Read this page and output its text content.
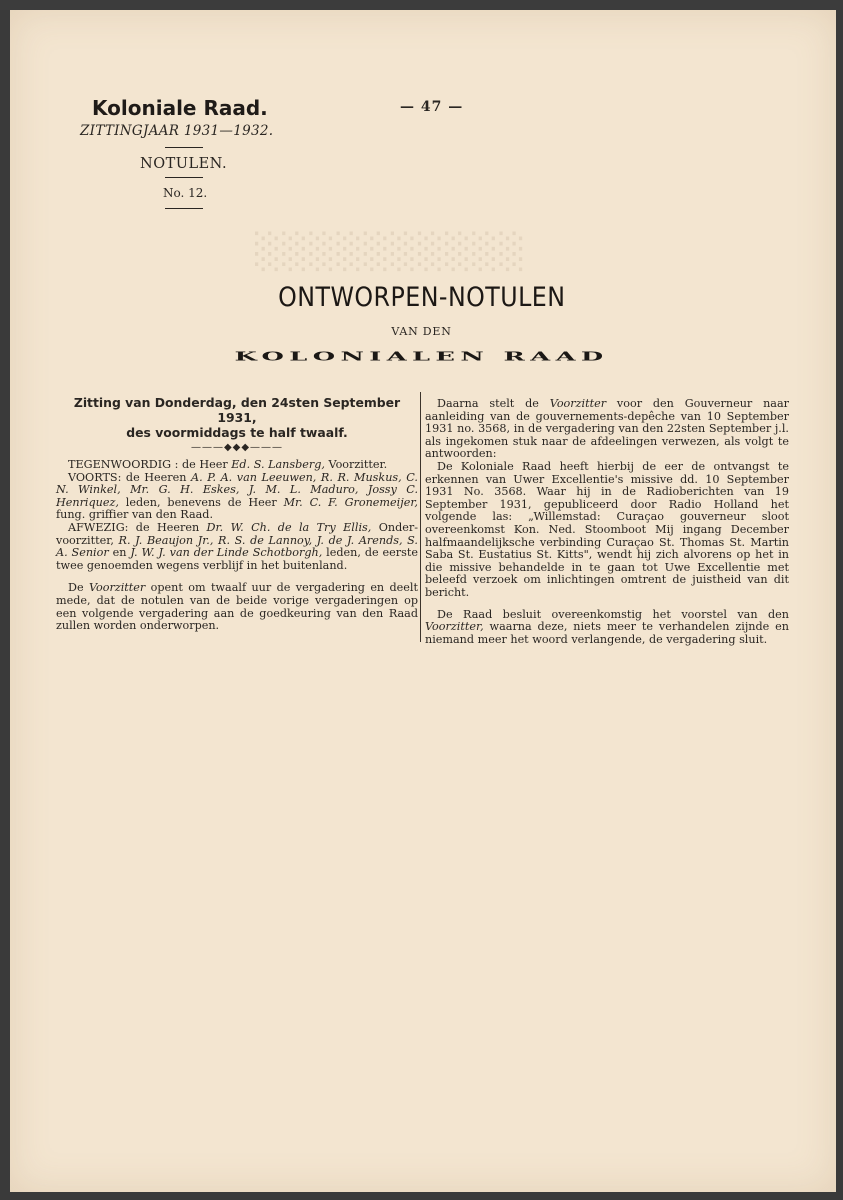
░░░░░░░░░░
Koloniale Raad.
ZITTINGJAAR 1931—1932.
— 47 —
NOTULEN.
No. 12.
ONTWORPEN-NOTULEN
VAN DEN
KOLONIALEN RAAD
Zitting van Donderdag, den 24sten September 1931,
des voormiddags te half twaalf.
———◆◆◆———

TEGENWOORDIG : de Heer Ed. S. Lansberg, Voorzitter.

VOORTS: de Heeren A. P. A. van Leeuwen, R. R. Muskus, C. N. Winkel, Mr. G. H. Eskes, J. M. L. Maduro, Jossy C. Henriquez, leden, benevens de Heer Mr. C. F. Gronemeijer, fung. griffier van den Raad.

AFWEZIG: de Heeren Dr. W. Ch. de la Try Ellis, Onder-voorzitter, R. J. Beaujon Jr., R. S. de Lannoy, J. de J. Arends, S. A. Senior en J. W. J. van der Linde Schotborgh, leden, de eerste twee genoemden wegens verblijf in het buitenland.

De Voorzitter opent om twaalf uur de vergadering en deelt mede, dat de notulen van de beide vorige vergaderingen op een volgende vergadering aan de goedkeuring van den Raad zullen worden onderworpen.

Daarna stelt de Voorzitter voor den Gouverneur naar aanleiding van de gouvernements-depêche van 10 September 1931 no. 3568, in de vergadering van den 22sten September j.l. als ingekomen stuk naar de afdeelingen verwezen, als volgt te antwoorden:

De Koloniale Raad heeft hierbij de eer de ontvangst te erkennen van Uwer Excellentie's missive dd. 10 September 1931 No. 3568. Waar hij in de Radioberichten van 19 September 1931, gepubliceerd door Radio Holland het volgende las: „Willemstad: Curaçao gouverneur sloot overeenkomst Kon. Ned. Stoomboot Mij ingang December halfmaandelijksche verbinding Curaçao St. Thomas St. Martin Saba St. Eustatius St. Kitts", wendt hij zich alvorens op het in die missive behandelde in te gaan tot Uwe Excellentie met beleefd verzoek om inlichtingen omtrent de juistheid van dit bericht.

De Raad besluit overeenkomstig het voorstel van den Voorzitter, waarna deze, niets meer te verhandelen zijnde en niemand meer het woord verlangende, de vergadering sluit.
